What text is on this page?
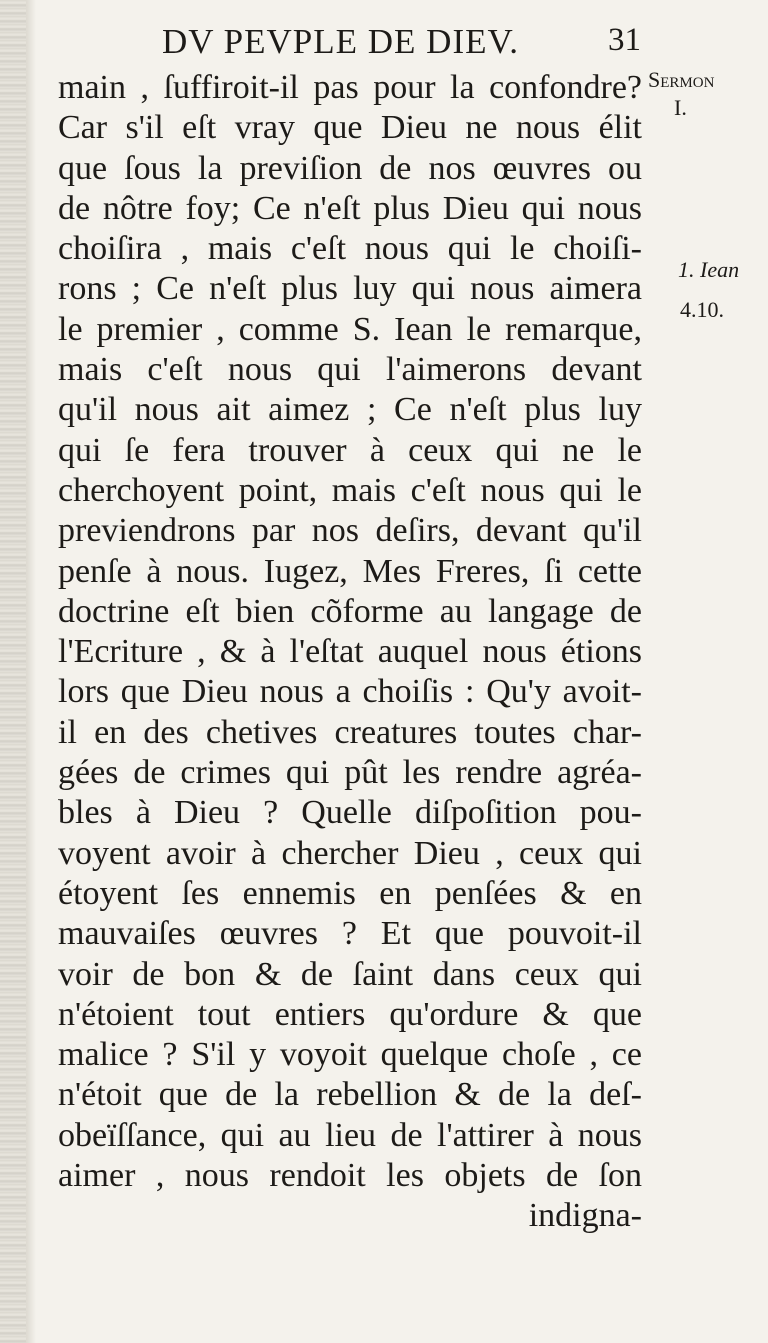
DV PEVPLE DE DIEV.	31
Sermon
I.
1. Iean
4.10.
main , ſuffiroit-il pas pour la confondre?
Car s'il eſt vray que Dieu ne nous élit
que ſous la previſion de nos œuvres ou
de nôtre foy; Ce n'eſt plus Dieu qui nous
choiſira , mais c'eſt nous qui le choiſi-
rons ; Ce n'eſt plus luy qui nous aimera
le premier , comme S. Iean le remarque,
mais c'eſt nous qui l'aimerons devant
qu'il nous ait aimez ; Ce n'eſt plus luy
qui ſe fera trouver à ceux qui ne le
cherchoyent point, mais c'eſt nous qui le
previendrons par nos deſirs, devant qu'il
penſe à nous. Iugez, Mes Freres, ſi cette
doctrine eſt bien cõforme au langage de
l'Ecriture , & à l'eſtat auquel nous étions
lors que Dieu nous a choiſis : Qu'y avoit-
il en des chetives creatures toutes char-
gées de crimes qui pût les rendre agréa-
bles à Dieu ? Quelle diſpoſition pou-
voyent avoir à chercher Dieu , ceux qui
étoyent ſes ennemis en penſées & en
mauvaiſes œuvres ? Et que pouvoit-il
voir de bon & de ſaint dans ceux qui
n'étoient tout entiers qu'ordure & que
malice ? S'il y voyoit quelque choſe , ce
n'étoit que de la rebellion & de la deſ-
obeïſſance, qui au lieu de l'attirer à nous
aimer , nous rendoit les objets de ſon
indigna-
